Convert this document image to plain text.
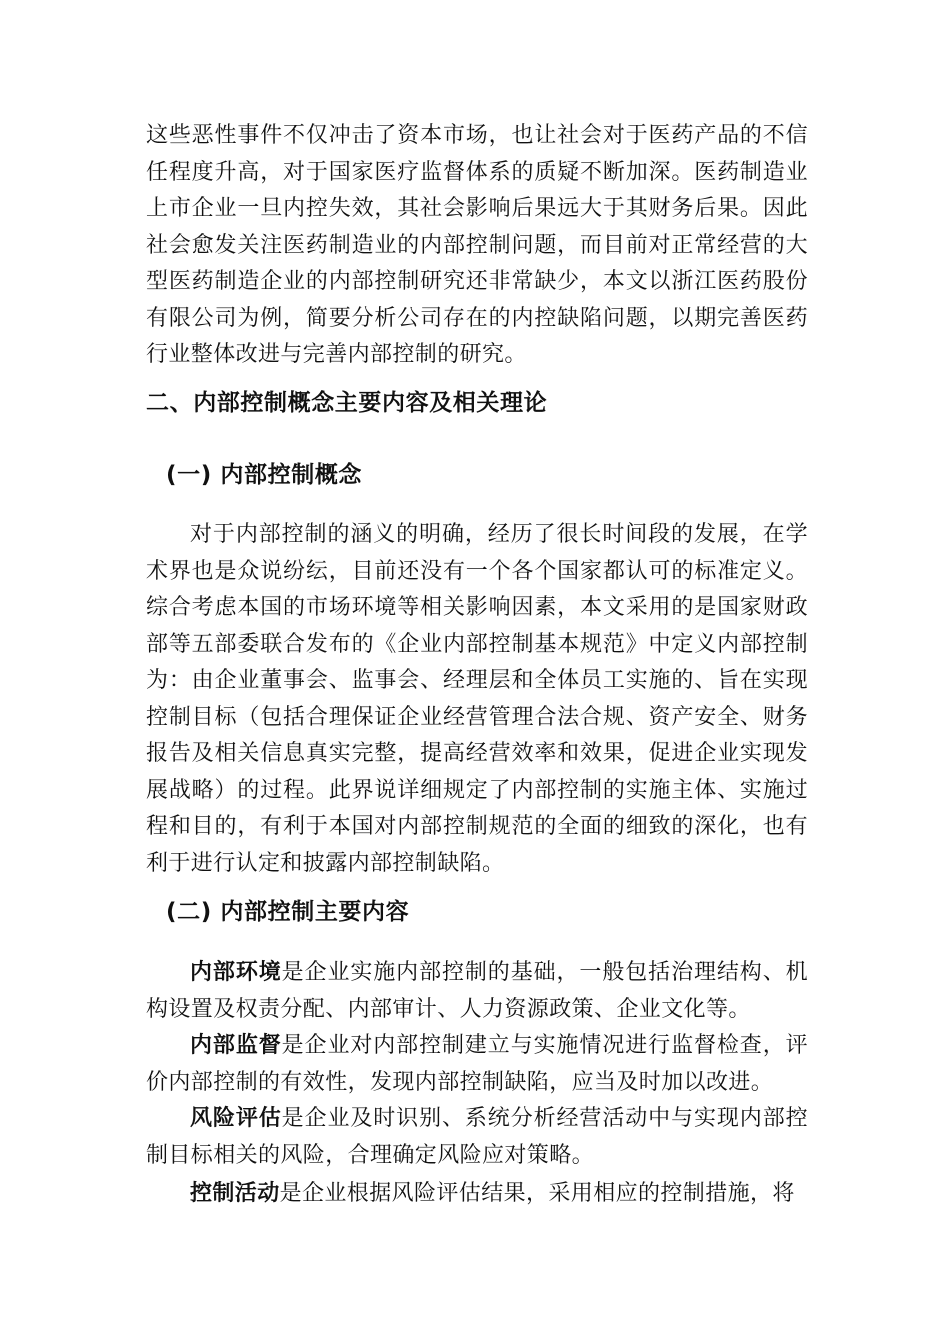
这些恶性事件不仅冲击了资本市场，也让社会对于医药产品的不信任程度升高，对于国家医疗监督体系的质疑不断加深。医药制造业上市企业一旦内控失效，其社会影响后果远大于其财务后果。因此社会愈发关注医药制造业的内部控制问题，而目前对正常经营的大型医药制造企业的内部控制研究还非常缺少，本文以浙江医药股份有限公司为例，简要分析公司存在的内控缺陷问题，以期完善医药行业整体改进与完善内部控制的研究。

二、内部控制概念主要内容及相关理论
(一) 内部控制概念

对于内部控制的涵义的明确，经历了很长时间段的发展，在学术界也是众说纷纭，目前还没有一个各个国家都认可的标准定义。综合考虑本国的市场环境等相关影响因素，本文采用的是国家财政部等五部委联合发布的《企业内部控制基本规范》中定义内部控制为：由企业董事会、监事会、经理层和全体员工实施的、旨在实现控制目标（包括合理保证企业经营管理合法合规、资产安全、财务报告及相关信息真实完整，提高经营效率和效果，促进企业实现发展战略）的过程。此界说详细规定了内部控制的实施主体、实施过程和目的，有利于本国对内部控制规范的全面的细致的深化，也有利于进行认定和披露内部控制缺陷。

(二) 内部控制主要内容

内部环境是企业实施内部控制的基础，一般包括治理结构、机构设置及权责分配、内部审计、人力资源政策、企业文化等。

内部监督是企业对内部控制建立与实施情况进行监督检查，评价内部控制的有效性，发现内部控制缺陷，应当及时加以改进。

风险评估是企业及时识别、系统分析经营活动中与实现内部控制目标相关的风险，合理确定风险应对策略。

控制活动是企业根据风险评估结果，采用相应的控制措施，将
